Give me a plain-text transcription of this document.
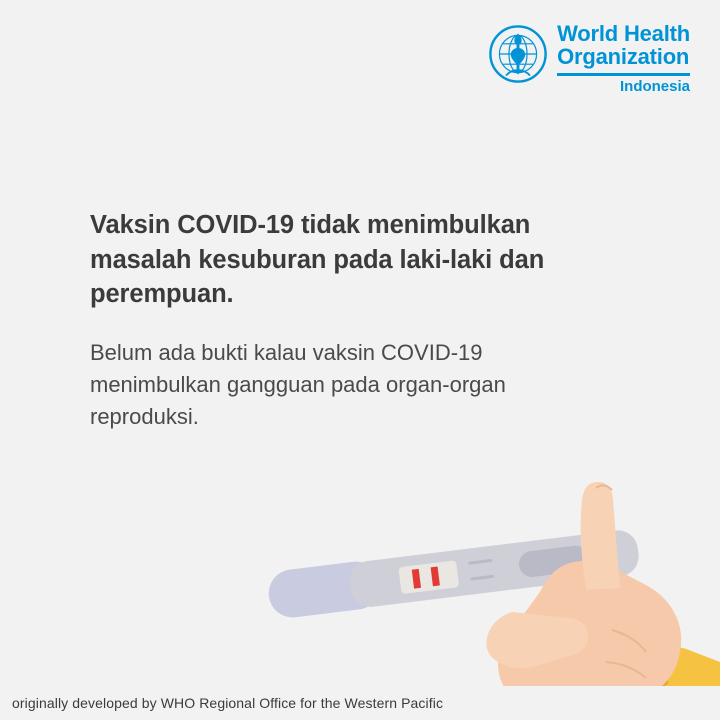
World Health
Organization
Indonesia
Vaksin COVID-19 tidak menimbulkan masalah kesuburan pada laki-laki dan perempuan.
Belum ada bukti kalau vaksin COVID-19 menimbulkan gangguan pada organ-organ reproduksi.
originally developed by WHO Regional Office for the Western Pacific
